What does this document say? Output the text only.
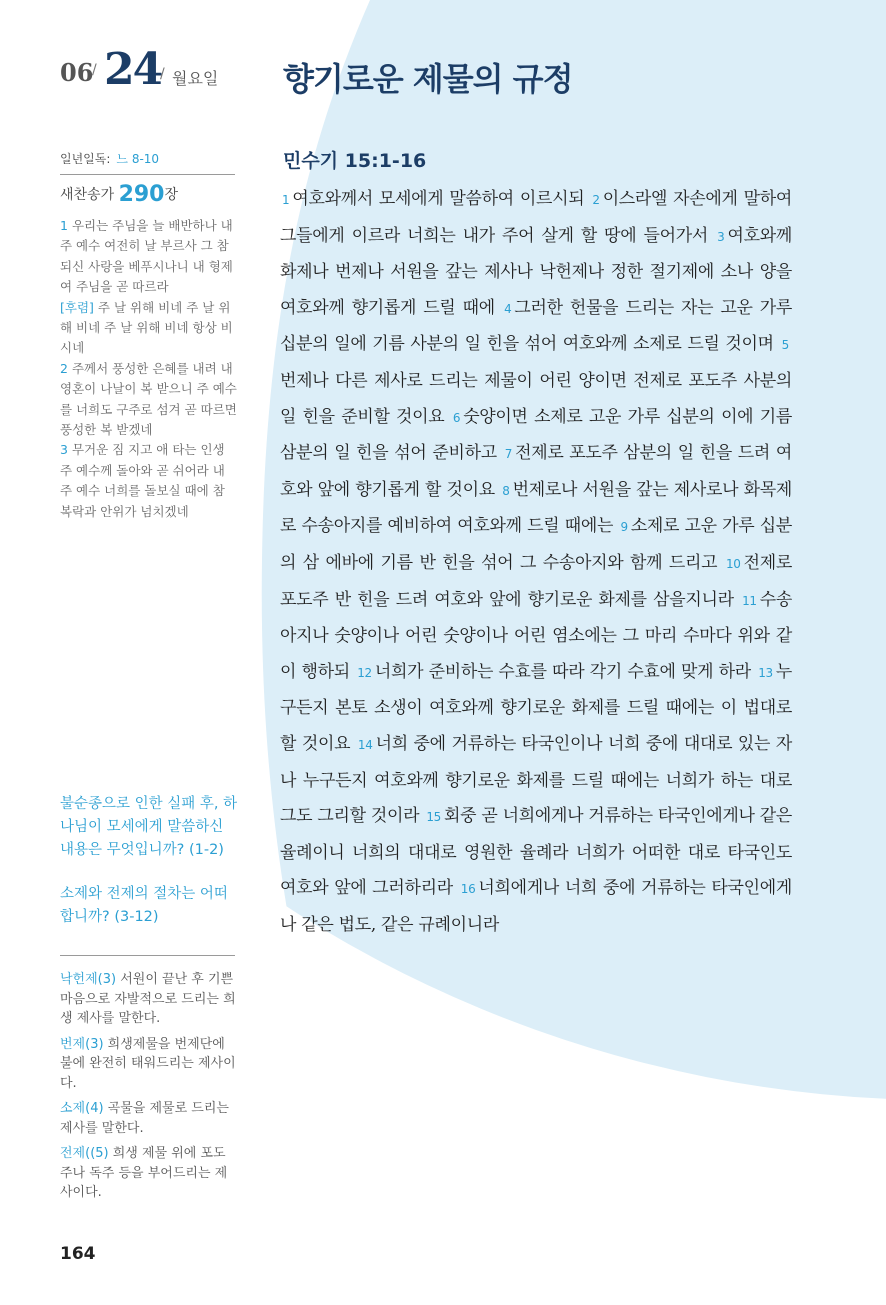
06
/ 24
/ 월요일 향기로운 제물의 규정
일년일독: 느 8-10
새찬송가 290장
1 우리는 주님을 늘 배반하나 내 주 예수 여전히 날 부르사 그 참되신 사랑을 베푸시나니 내 형제여 주님을 곧 따르라
[후렴] 주 날 위해 비네 주 날 위해 비네 주 날 위해 비네 항상 비시네
2 주께서 풍성한 은혜를 내려 내 영혼이 나날이 복 받으니 주 예수를 너희도 구주로 섬겨 곧 따르면 풍성한 복 받겠네
3 무거운 짐 지고 애 타는 인생 주 예수께 돌아와 곧 쉬어라 내 주 예수 너희를 돌보실 때에 참 복락과 안위가 넘치겠네
불순종으로 인한 실패 후, 하나님이 모세에게 말씀하신 내용은 무엇입니까? (1-2)
소제와 전제의 절차는 어떠합니까? (3-12)

낙헌제(3) 서원이 끝난 후 기쁜 마음으로 자발적으로 드리는 희생 제사를 말한다.

번제(3) 희생제물을 번제단에 불에 완전히 태워드리는 제사이다.

소제(4) 곡물을 제물로 드리는 제사를 말한다.

전제((5) 희생 제물 위에 포도주나 독주 등을 부어드리는 제사이다.

164
민수기 15:1-16
1 여호와께서 모세에게 말씀하여 이르시되 2 이스라엘 자손에게 말하여 그들에게 이르라 너희는 내가 주어 살게 할 땅에 들어가서 3 여호와께 화제나 번제나 서원을 갚는 제사나 낙헌제나 정한 절기제에 소나 양을 여호와께 향기롭게 드릴 때에 4 그러한 헌물을 드리는 자는 고운 가루 십분의 일에 기름 사분의 일 힌을 섞어 여호와께 소제로 드릴 것이며 5번제나 다른 제사로 드리는 제물이 어린 양이면 전제로 포도주 사분의 일 힌을 준비할 것이요 6 숫양이면 소제로 고운 가루 십분의 이에 기름 삼분의 일 힌을 섞어 준비하고 7 전제로 포도주 삼분의 일 힌을 드려 여호와 앞에 향기롭게 할 것이요 8 번제로나 서원을 갚는 제사로나 화목제로 수송아지를 예비하여 여호와께 드릴 때에는 9 소제로 고운 가루 십분의 삼 에바에 기름 반 힌을 섞어 그 수송아지와 함께 드리고 10 전제로 포도주 반 힌을 드려 여호와 앞에 향기로운 화제를 삼을지니라 11 수송아지나 숫양이나 어린 숫양이나 어린 염소에는 그 마리 수마다 위와 같이 행하되 12 너희가 준비하는 수효를 따라 각기 수효에 맞게 하라 13 누구든지 본토 소생이 여호와께 향기로운 화제를 드릴 때에는 이 법대로 할 것이요 14 너희 중에 거류하는 타국인이나 너희 중에 대대로 있는 자나 누구든지 여호와께 향기로운 화제를 드릴 때에는 너희가 하는 대로 그도 그리할 것이라 15 회중 곧 너희에게나 거류하는 타국인에게나 같은 율례이니 너희의 대대로 영원한 율례라 너희가 어떠한 대로 타국인도 여호와 앞에 그러하리라 16 너희에게나 너희 중에 거류하는 타국인에게나 같은 법도, 같은 규례이니라
